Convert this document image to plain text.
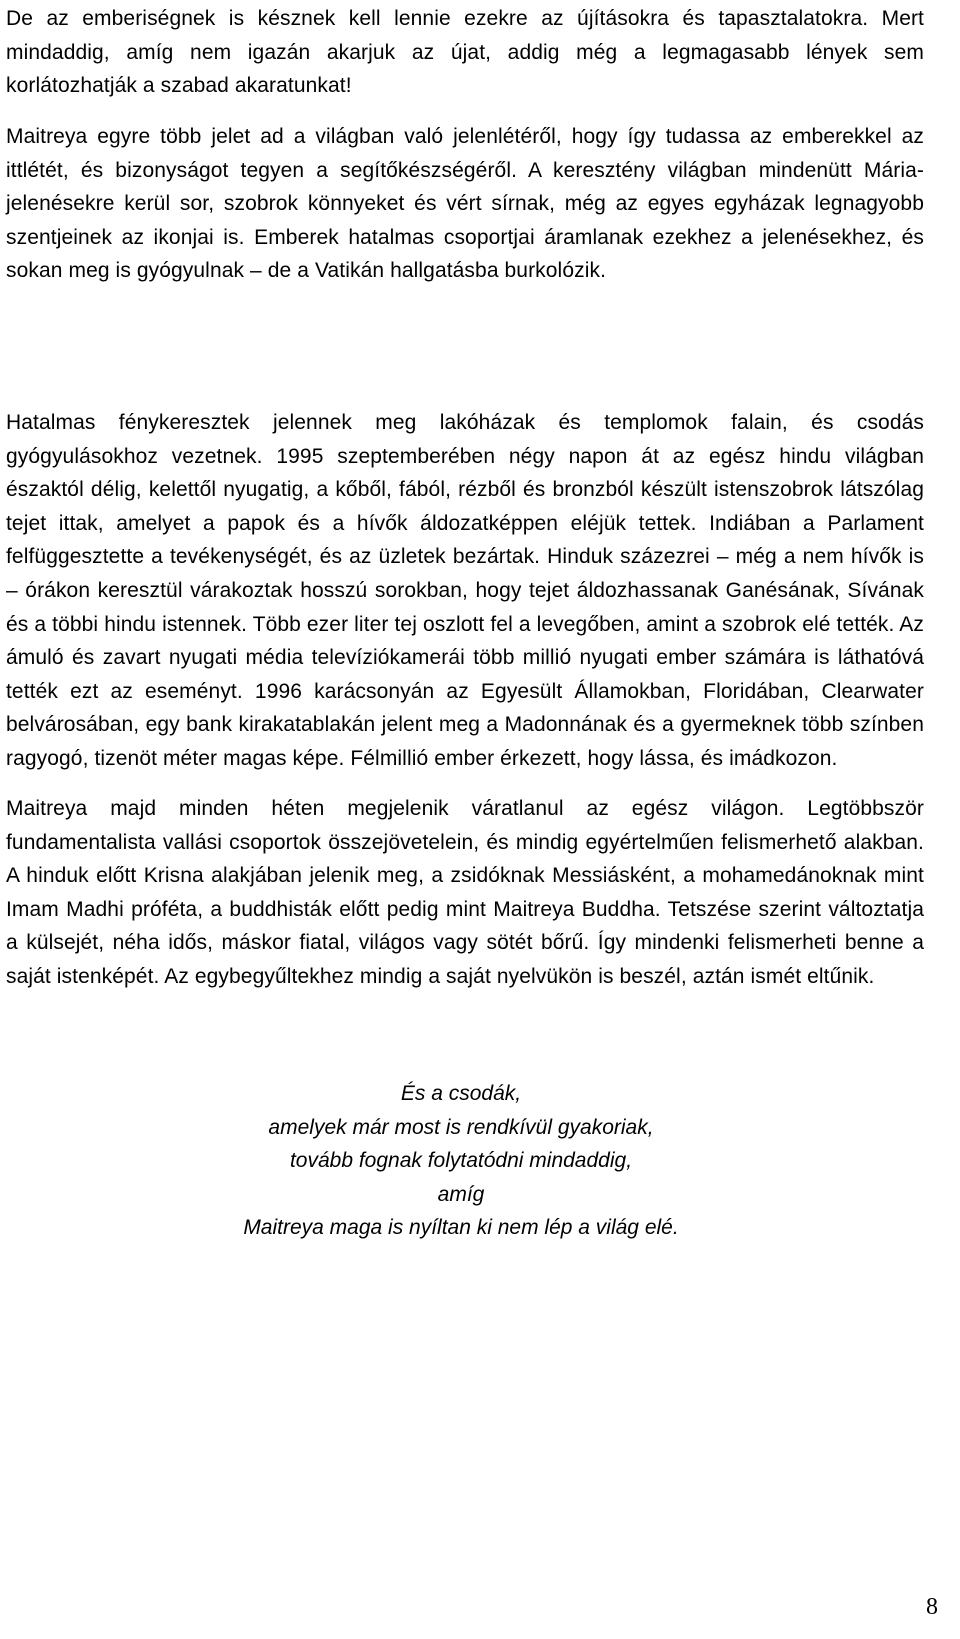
De az emberiségnek is késznek kell lennie ezekre az újításokra és tapasztalatokra. Mert mindaddig, amíg nem igazán akarjuk az újat, addig még a legmagasabb lények sem korlátozhatják a szabad akaratunkat!

Maitreya egyre több jelet ad a világban való jelenlétéről, hogy így tudassa az emberekkel az ittlétét, és bizonyságot tegyen a segítőkészségéről. A keresztény világban mindenütt Mária-jelenésekre kerül sor, szobrok könnyeket és vért sírnak, még az egyes egyházak legnagyobb szentjeinek az ikonjai is. Emberek hatalmas csoportjai áramlanak ezekhez a jelenésekhez, és sokan meg is gyógyulnak – de a Vatikán hallgatásba burkolózik.

Hatalmas fénykeresztek jelennek meg lakóházak és templomok falain, és csodás gyógyulásokhoz vezetnek. 1995 szeptemberében négy napon át az egész hindu világban északtól délig, kelettől nyugatig, a kőből, fából, rézből és bronzból készült istenszobrok látszólag tejet ittak, amelyet a papok és a hívők áldozatképpen eléjük tettek. Indiában a Parlament felfüggesztette a tevékenységét, és az üzletek bezártak. Hinduk százezrei – még a nem hívők is – órákon keresztül várakoztak hosszú sorokban, hogy tejet áldozhassanak Ganésának, Sívának és a többi hindu istennek. Több ezer liter tej oszlott fel a levegőben, amint a szobrok elé tették. Az ámuló és zavart nyugati média televíziókamerái több millió nyugati ember számára is láthatóvá tették ezt az eseményt. 1996 karácsonyán az Egyesült Államokban, Floridában, Clearwater belvárosában, egy bank kirakatablakán jelent meg a Madonnának és a gyermeknek több színben ragyogó, tizenöt méter magas képe. Félmillió ember érkezett, hogy lássa, és imádkozon.

Maitreya majd minden héten megjelenik váratlanul az egész világon. Legtöbbször fundamentalista vallási csoportok összejövetelein, és mindig egyértelműen felismerhető alakban. A hinduk előtt Krisna alakjában jelenik meg, a zsidóknak Messiásként, a mohamedánoknak mint Imam Madhi próféta, a buddhisták előtt pedig mint Maitreya Buddha. Tetszése szerint változtatja a külsejét, néha idős, máskor fiatal, világos vagy sötét bőrű. Így mindenki felismerheti benne a saját istenképét. Az egybegyűltekhez mindig a saját nyelvükön is beszél, aztán ismét eltűnik.

És a csodák,
amelyek már most is rendkívül gyakoriak,
tovább fognak folytatódni mindaddig,
amíg
Maitreya maga is nyíltan ki nem lép a világ elé.
8
